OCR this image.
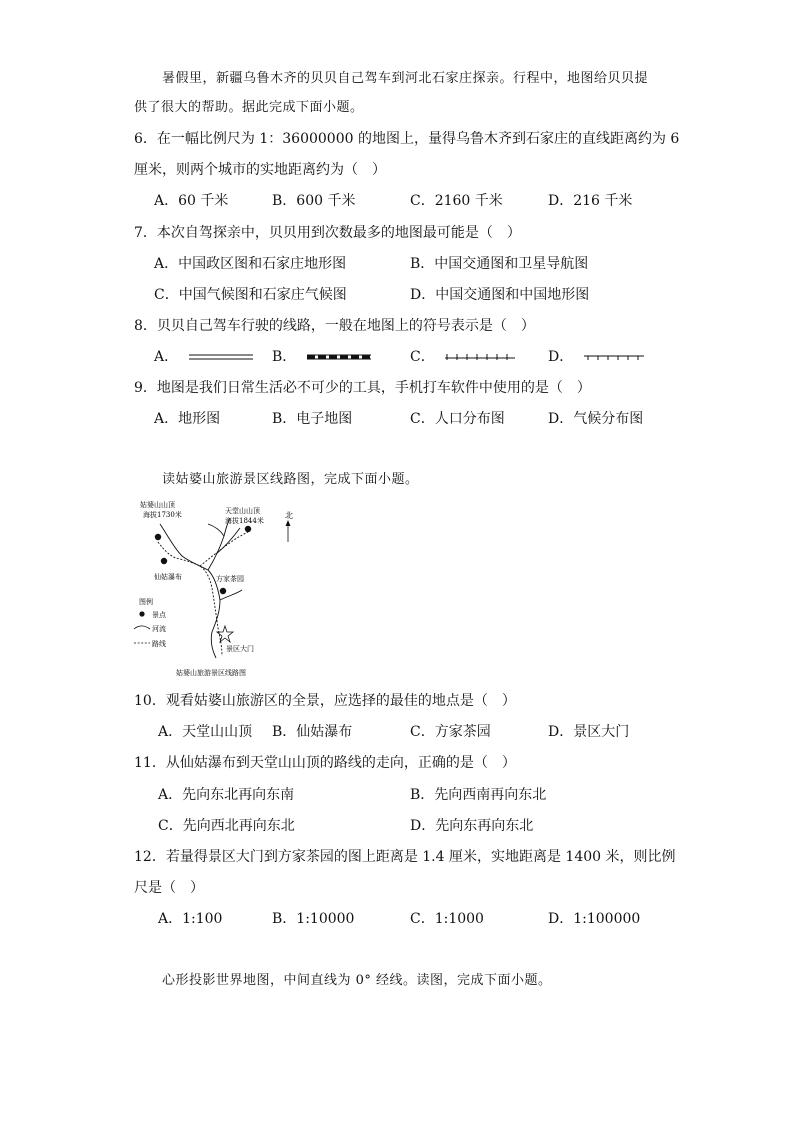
暑假里，新疆乌鲁木齐的贝贝自己驾车到河北石家庄探亲。行程中，地图给贝贝提
供了很大的帮助。据此完成下面小题。
6．在一幅比例尺为 1：36000000 的地图上，量得乌鲁木齐到石家庄的直线距离约为 6
厘米，则两个城市的实地距离约为（　）
A．60 千米	B．600 千米	C．2160 千米	D．216 千米
7．本次自驾探亲中，贝贝用到次数最多的地图最可能是（　）
A．中国政区图和石家庄地形图	B．中国交通图和卫星导航图
C．中国气候图和石家庄气候图	D．中国交通图和中国地形图
8．贝贝自己驾车行驶的线路，一般在地图上的符号表示是（　）
A．	B．	C．	D．
9．地图是我们日常生活必不可少的工具，手机打车软件中使用的是（　）
A．地形图	B．电子地图	C．人口分布图	D．气候分布图
读姑婆山旅游景区线路图，完成下面小题。
姑婆山山顶
海拔1730米	天堂山山顶
海拔1844米
北
仙姑瀑布	方家茶园
景区大门
图例
景点
河流
路线
姑婆山旅游景区线路图
10．观看姑婆山旅游区的全景，应选择的最佳的地点是（　）
A．天堂山山顶 B．仙姑瀑布	C．方家茶园	D．景区大门
11．从仙姑瀑布到天堂山山顶的路线的走向，正确的是（　）
A．先向东北再向东南	B．先向西南再向东北
C．先向西北再向东北	D．先向东再向东北
12．若量得景区大门到方家茶园的图上距离是 1.4 厘米，实地距离是 1400 米，则比例
尺是（　）
A．1:100	B．1:10000	C．1:1000	D．1:100000
心形投影世界地图，中间直线为 0° 经线。读图，完成下面小题。
